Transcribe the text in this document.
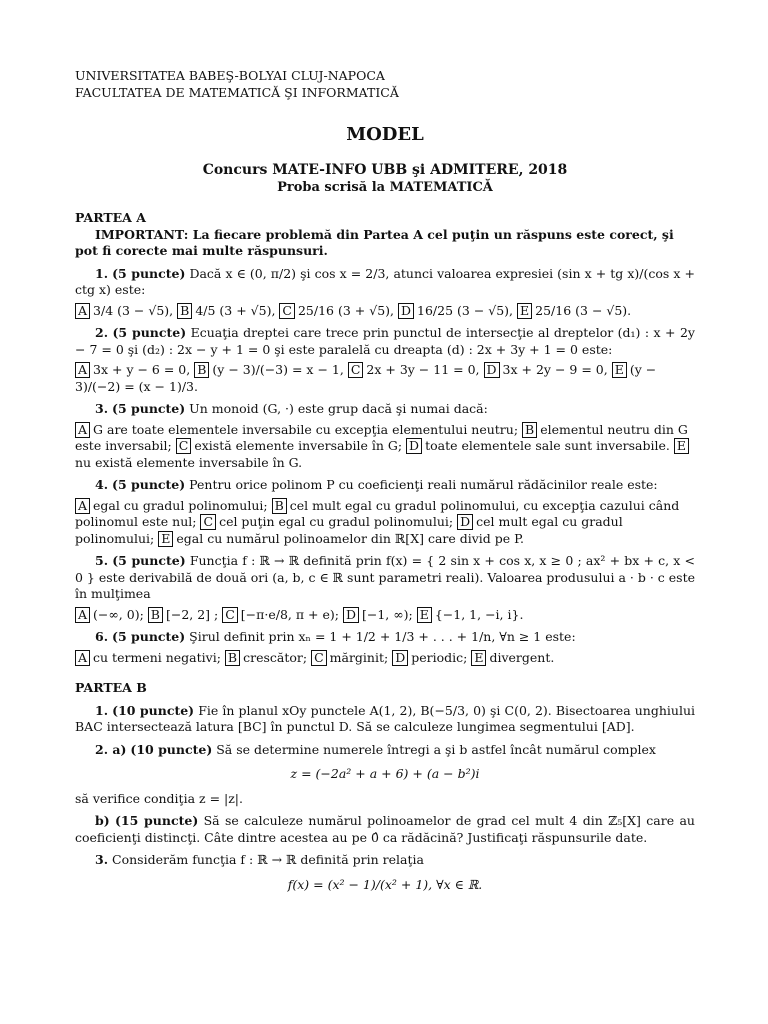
UNIVERSITATEA BABEŞ-BOLYAI CLUJ-NAPOCA

FACULTATEA DE MATEMATICĂ ŞI INFORMATICĂ

MODEL
Concurs MATE-INFO UBB şi ADMITERE, 2018
Proba scrisă la MATEMATICĂ
PARTEA A
IMPORTANT: La fiecare problemă din Partea A cel puţin un răspuns este corect, şi pot fi corecte mai multe răspunsuri.
1. (5 puncte) Dacă x ∈ (0, π/2) şi cos x = 2/3, atunci valoarea expresiei (sin x + tg x)/(cos x + ctg x) este:
A 3/4 (3 − √5), B 4/5 (3 + √5), C 25/16 (3 + √5), D 16/25 (3 − √5), E 25/16 (3 − √5).
2. (5 puncte) Ecuaţia dreptei care trece prin punctul de intersecţie al dreptelor (d₁) : x + 2y − 7 = 0 şi (d₂) : 2x − y + 1 = 0 şi este paralelă cu dreapta (d) : 2x + 3y + 1 = 0 este:
A 3x + y − 6 = 0, B (y − 3)/(−3) = x − 1, C 2x + 3y − 11 = 0, D 3x + 2y − 9 = 0, E (y − 3)/(−2) = (x − 1)/3.
3. (5 puncte) Un monoid (G, ·) este grup dacă şi numai dacă:
A G are toate elementele inversabile cu excepţia elementului neutru; B elementul neutru din G este inversabil; C există elemente inversabile în G; D toate elementele sale sunt inversabile. Enu există elemente inversabile în G.
4. (5 puncte) Pentru orice polinom P cu coeficienţi reali numărul rădăcinilor reale este:
A egal cu gradul polinomului; B cel mult egal cu gradul polinomului, cu excepţia cazului când polinomul este nul; C cel puţin egal cu gradul polinomului; D cel mult egal cu gradul polinomului; E egal cu numărul polinoamelor din ℝ[X] care divid pe P.
5. (5 puncte) Funcţia f : ℝ → ℝ definită prin f(x) = { 2 sin x + cos x, x ≥ 0 ; ax² + bx + c, x < 0 } este derivabilă de două ori (a, b, c ∈ ℝ sunt parametri reali). Valoarea produsului a · b · c este în mulţimea
A (−∞, 0); B [−2, 2] ; C [−π·e/8, π + e); D [−1, ∞); E {−1, 1, −i, i}.
6. (5 puncte) Şirul definit prin xₙ = 1 + 1/2 + 1/3 + . . . + 1/n, ∀n ≥ 1 este:
A cu termeni negativi; B crescător; C mărginit; D periodic; E divergent.
PARTEA B
1. (10 puncte) Fie în planul xOy punctele A(1, 2), B(−5/3, 0) şi C(0, 2). Bisectoarea unghiului BAC intersectează latura [BC] în punctul D. Să se calculeze lungimea segmentului [AD].
2. a) (10 puncte) Să se determine numerele întregi a şi b astfel încât numărul complex
z = (−2a² + a + 6) + (a − b²)i
să verifice condiţia z = |z|.
b) (15 puncte) Să se calculeze numărul polinoamelor de grad cel mult 4 din ℤ₅[X] care au coeficienţi distincţi. Câte dintre acestea au pe 0̂ ca rădăcină? Justificaţi răspunsurile date.
3. Considerăm funcţia f : ℝ → ℝ definită prin relaţia
f(x) = (x² − 1)/(x² + 1), ∀x ∈ ℝ.
